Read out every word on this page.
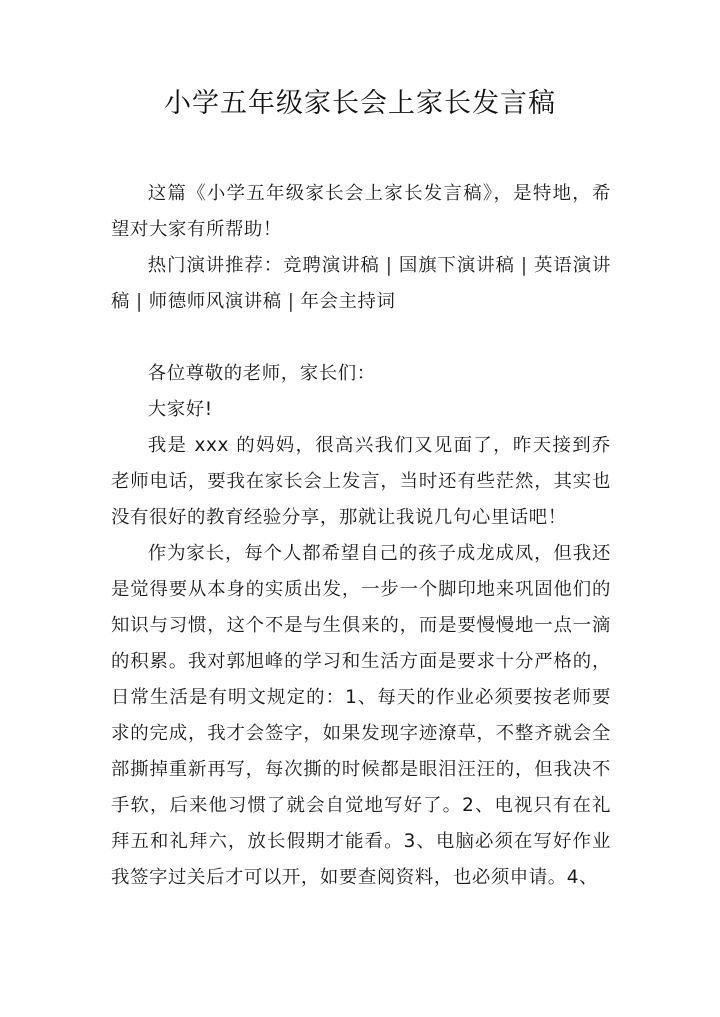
小学五年级家长会上家长发言稿

这篇《小学五年级家长会上家长发言稿》，是特地，希望对大家有所帮助！

热门演讲推荐：竞聘演讲稿 | 国旗下演讲稿 | 英语演讲稿 | 师德师风演讲稿 | 年会主持词

各位尊敬的老师，家长们：

大家好!

我是 xxx 的妈妈，很高兴我们又见面了，昨天接到乔老师电话，要我在家长会上发言，当时还有些茫然，其实也没有很好的教育经验分享，那就让我说几句心里话吧！

作为家长，每个人都希望自己的孩子成龙成凤，但我还是觉得要从本身的实质出发，一步一个脚印地来巩固他们的知识与习惯，这个不是与生俱来的，而是要慢慢地一点一滴的积累。我对郭旭峰的学习和生活方面是要求十分严格的，日常生活是有明文规定的：1、每天的作业必须要按老师要求的完成，我才会签字，如果发现字迹潦草，不整齐就会全部撕掉重新再写，每次撕的时候都是眼泪汪汪的，但我决不手软，后来他习惯了就会自觉地写好了。2、电视只有在礼拜五和礼拜六，放长假期才能看。3、电脑必须在写好作业我签字过关后才可以开，如要查阅资料，也必须申请。4、
